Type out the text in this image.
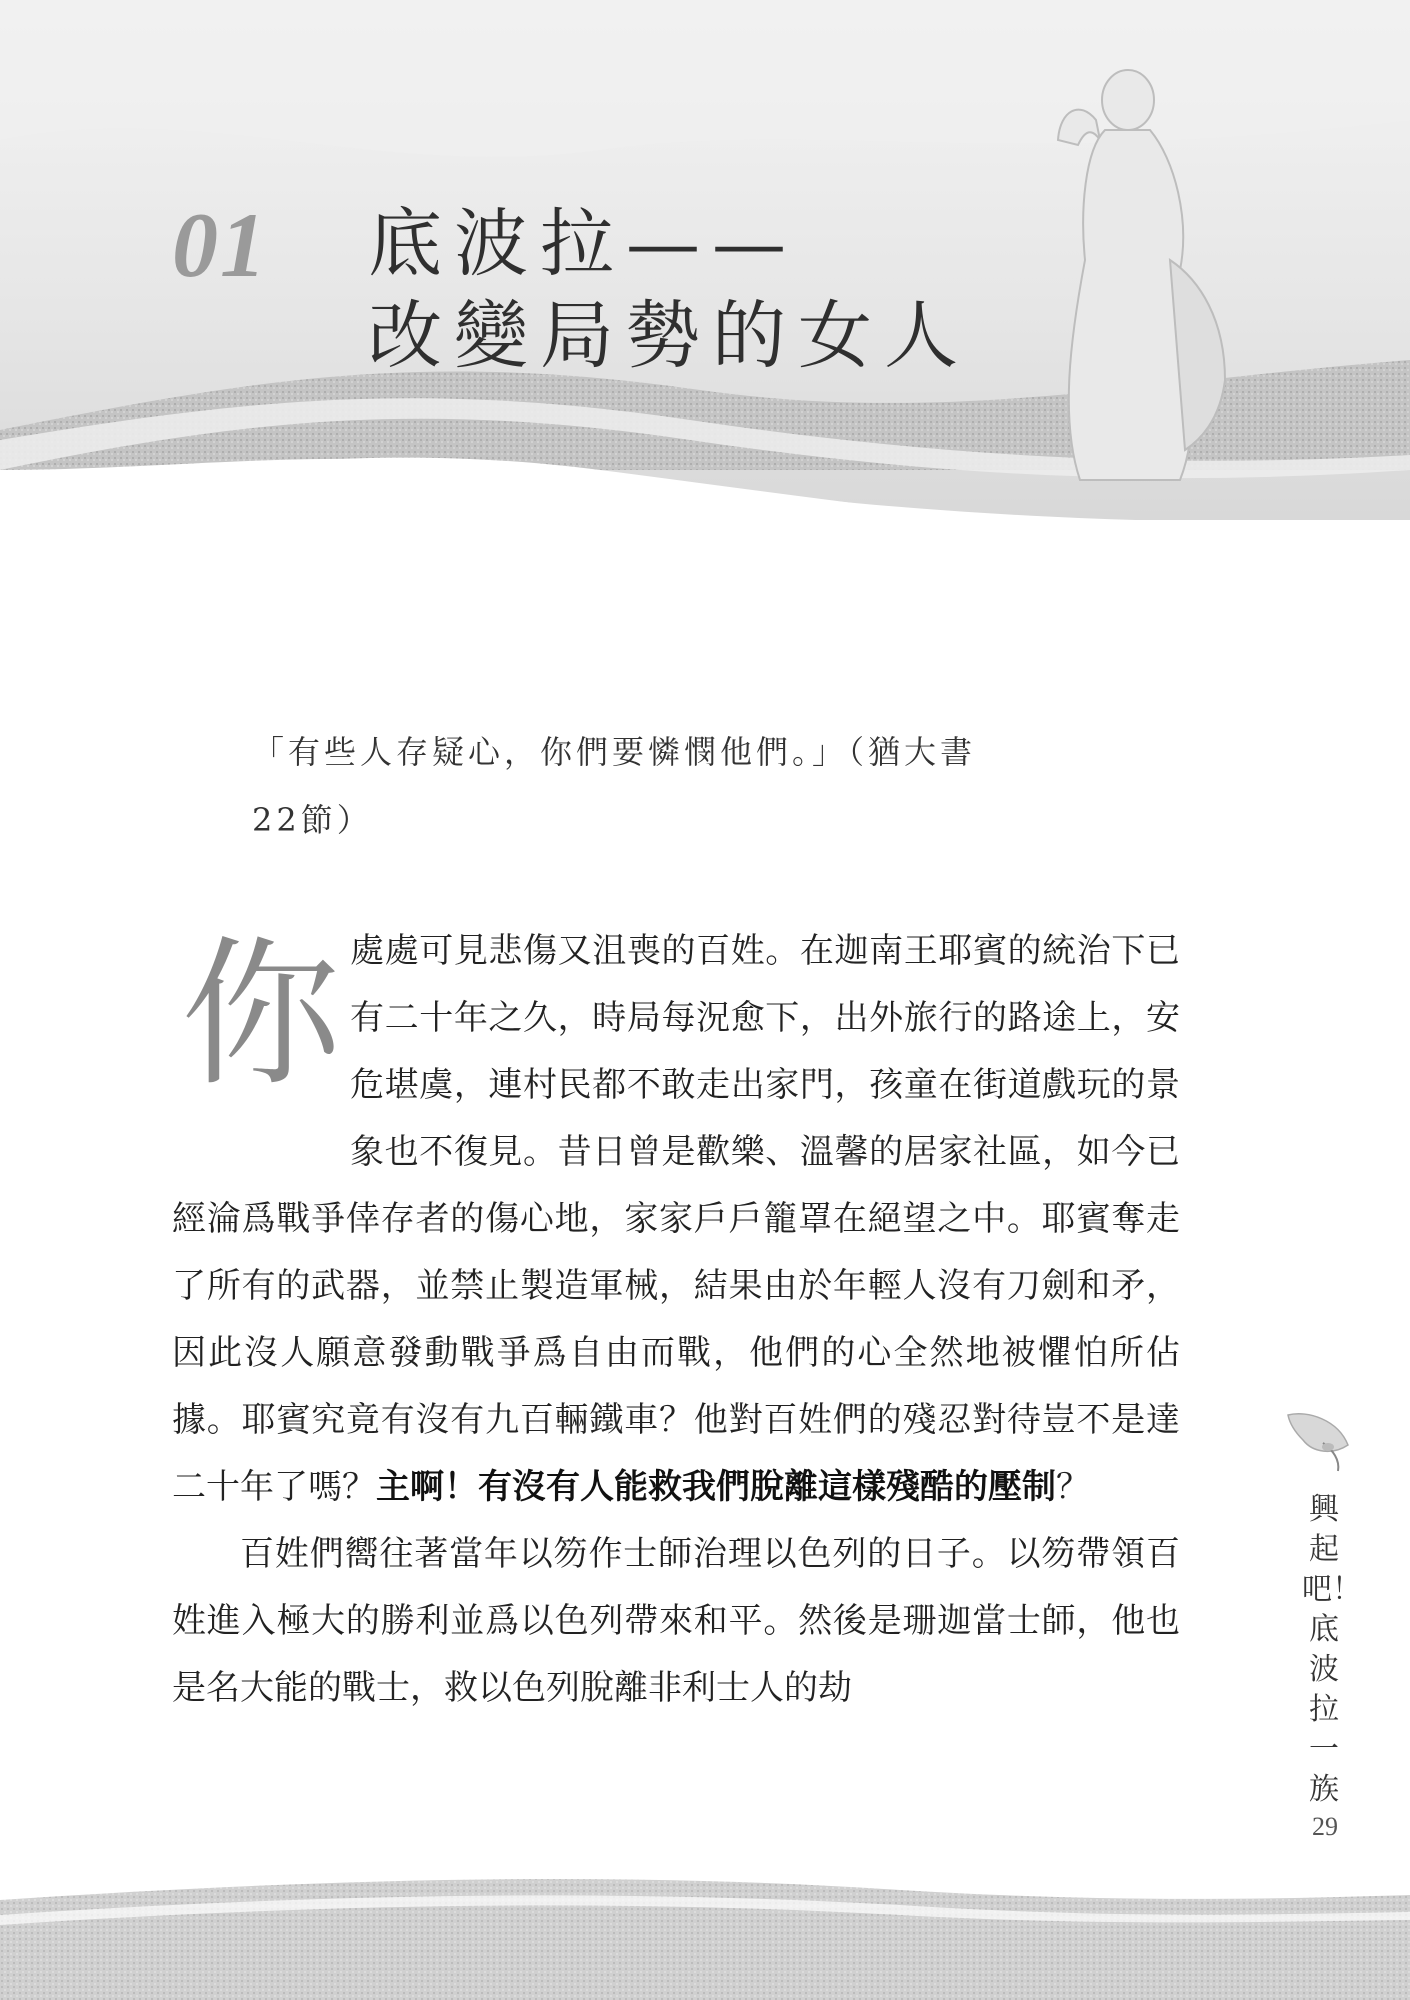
01 底波拉——
改變局勢的女人
「有些人存疑心，你們要憐憫他們。」（猶大書
22節）
你 處處可見悲傷又沮喪的百姓。在迦南王耶賓的統治下已有二十年之久，時局每況愈下，出外旅行的路途上，安危堪虞，連村民都不敢走出家門，孩童在街道戲玩的景象也不復見。昔日曾是歡樂、溫馨的居家社區，如今已經淪爲戰爭倖存者的傷心地，家家戶戶籠罩在絕望之中。耶賓奪走了所有的武器，並禁止製造軍械，結果由於年輕人沒有刀劍和矛，因此沒人願意發動戰爭爲自由而戰，他們的心全然地被懼怕所佔據。耶賓究竟有沒有九百輛鐵車？他對百姓們的殘忍對待豈不是達二十年了嗎？主啊！有沒有人能救我們脫離這樣殘酷的壓制？

百姓們嚮往著當年以笏作士師治理以色列的日子。以笏帶領百姓進入極大的勝利並爲以色列帶來和平。然後是珊迦當士師，他也是名大能的戰士，救以色列脫離非利士人的劫

興起吧！底波拉一族
29
